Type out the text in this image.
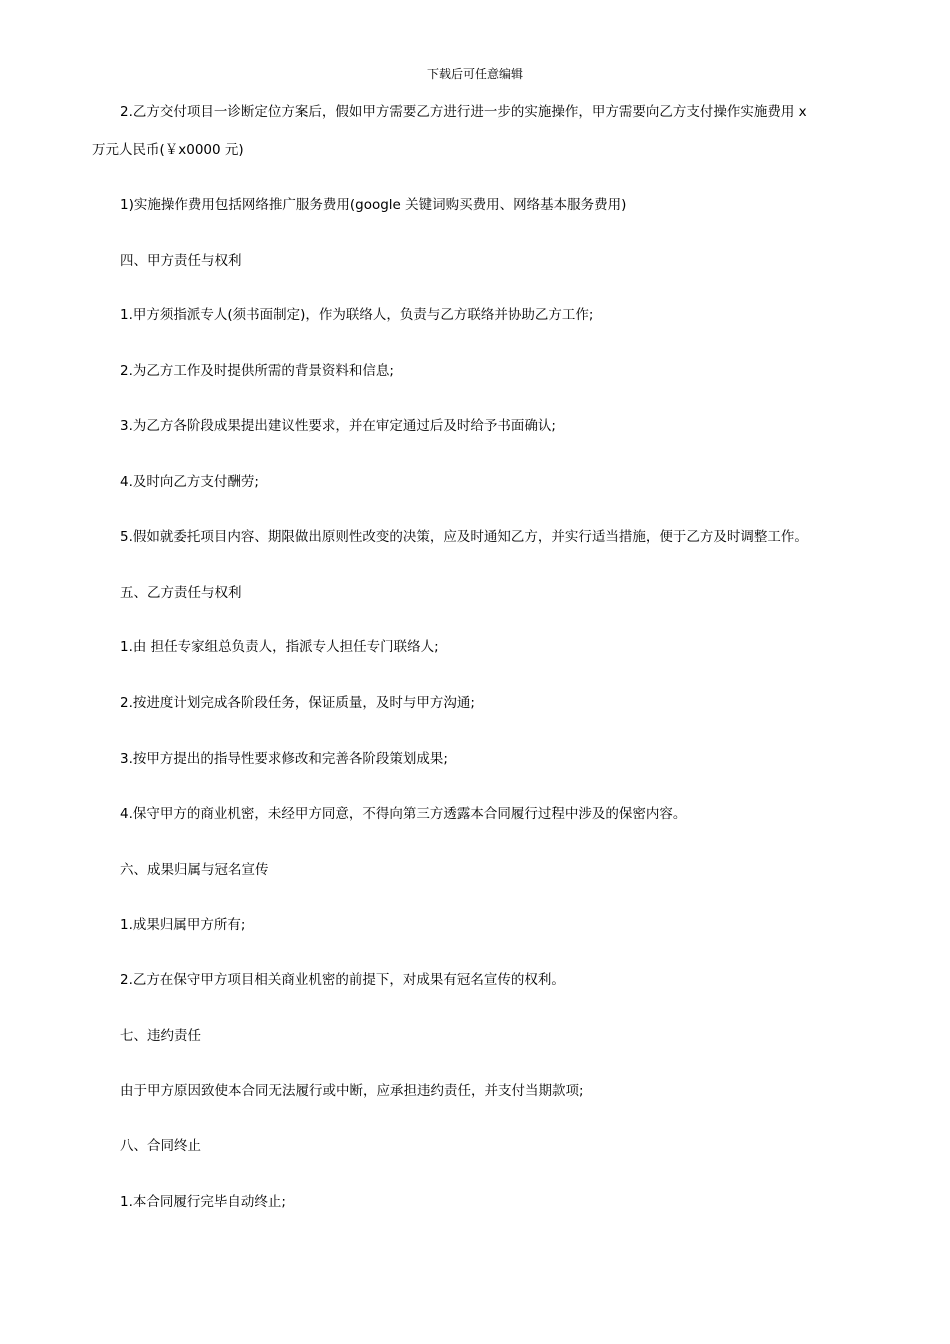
下载后可任意编辑
2.乙方交付项目一诊断定位方案后，假如甲方需要乙方进行进一步的实施操作，甲方需要向乙方支付操作实施费用 x
万元人民币(￥x0000 元)
1)实施操作费用包括网络推广服务费用(google 关键词购买费用、网络基本服务费用)
四、甲方责任与权利
1.甲方须指派专人(须书面制定)，作为联络人，负责与乙方联络并协助乙方工作;
2.为乙方工作及时提供所需的背景资料和信息;
3.为乙方各阶段成果提出建议性要求，并在审定通过后及时给予书面确认;
4.及时向乙方支付酬劳;
5.假如就委托项目内容、期限做出原则性改变的决策，应及时通知乙方，并实行适当措施，便于乙方及时调整工作。
五、乙方责任与权利
1.由 担任专家组总负责人，指派专人担任专门联络人;
2.按进度计划完成各阶段任务，保证质量，及时与甲方沟通;
3.按甲方提出的指导性要求修改和完善各阶段策划成果;
4.保守甲方的商业机密，未经甲方同意，不得向第三方透露本合同履行过程中涉及的保密内容。
六、成果归属与冠名宣传
1.成果归属甲方所有;
2.乙方在保守甲方项目相关商业机密的前提下，对成果有冠名宣传的权利。
七、违约责任
由于甲方原因致使本合同无法履行或中断，应承担违约责任，并支付当期款项;
八、合同终止
1.本合同履行完毕自动终止;
